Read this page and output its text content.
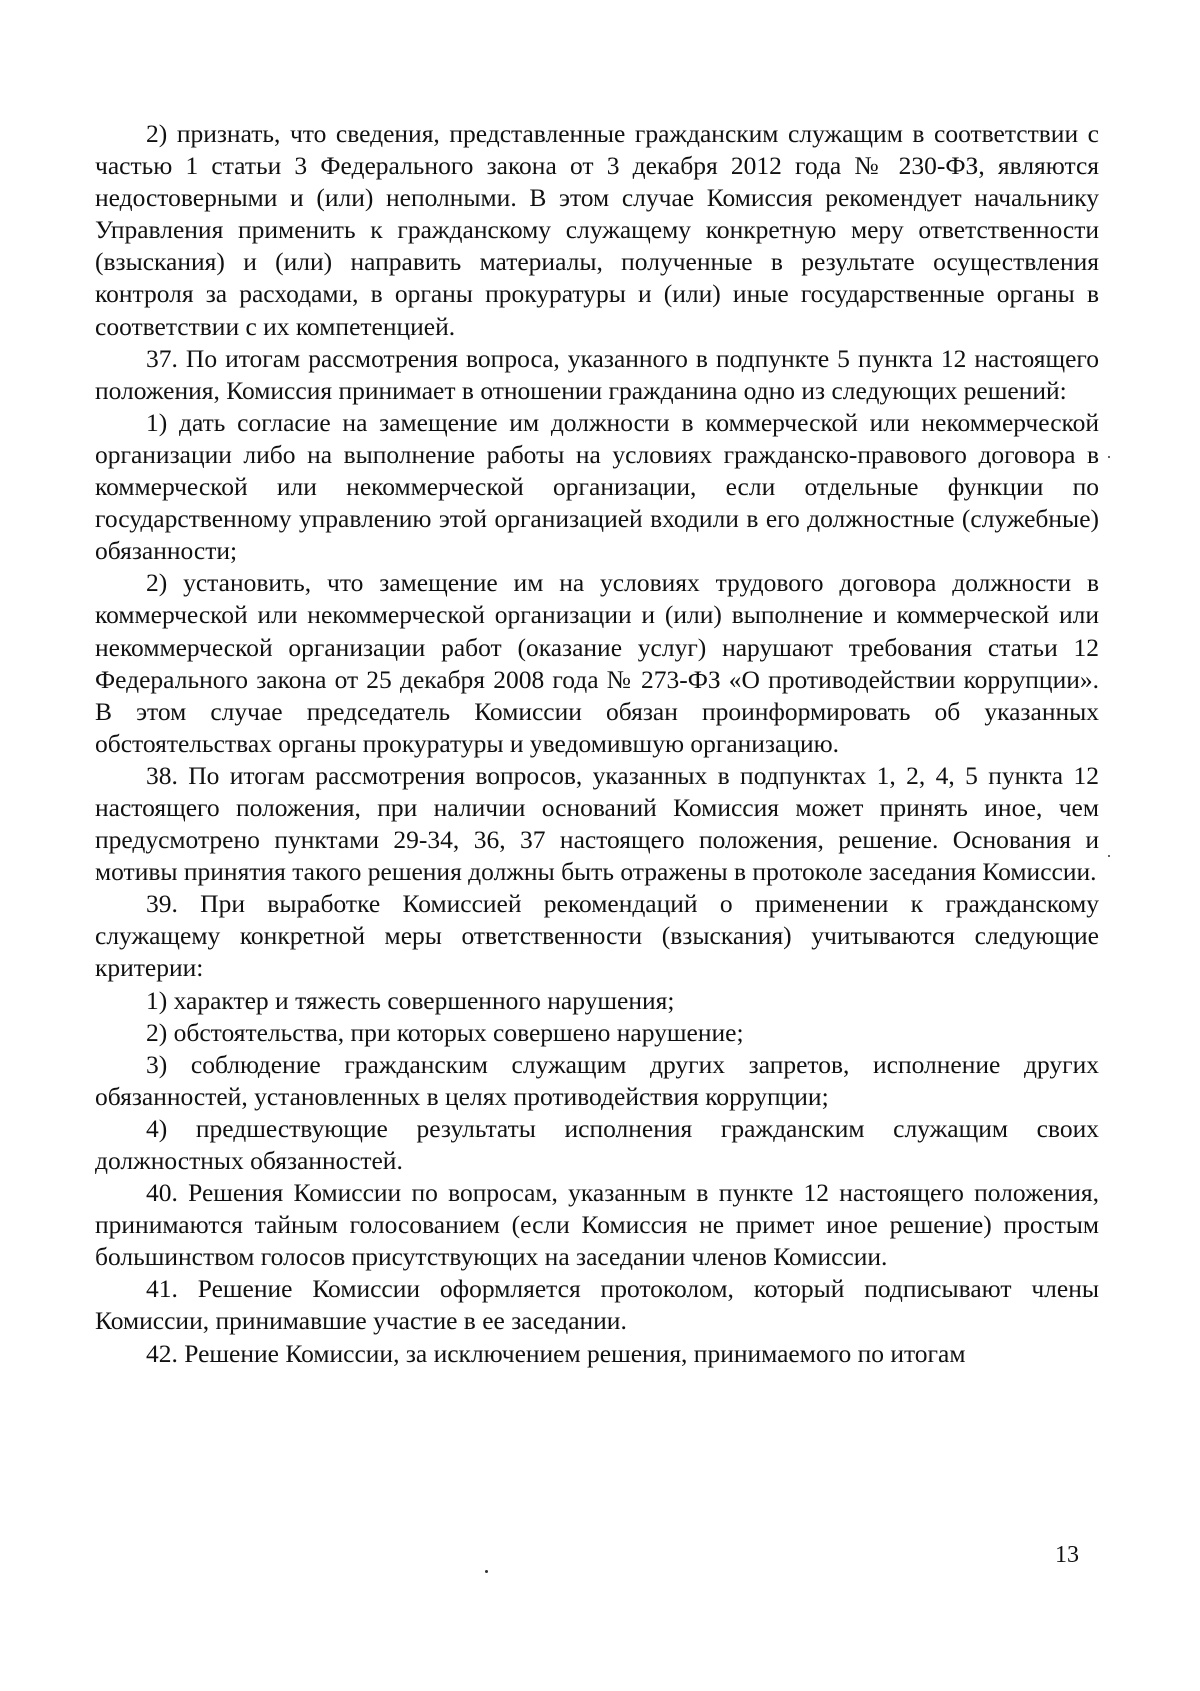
2) признать, что сведения, представленные гражданским служащим в соответствии с частью 1 статьи 3 Федерального закона от 3 декабря 2012 года № 230-ФЗ, являются недостоверными и (или) неполными. В этом случае Комиссия рекомендует начальнику Управления применить к гражданскому служащему конкретную меру ответственности (взыскания) и (или) направить материалы, полученные в результате осуществления контроля за расходами, в органы прокуратуры и (или) иные государственные органы в соответствии с их компетенцией.

37. По итогам рассмотрения вопроса, указанного в подпункте 5 пункта 12 настоящего положения, Комиссия принимает в отношении гражданина одно из следующих решений:

1) дать согласие на замещение им должности в коммерческой или некоммерческой организации либо на выполнение работы на условиях гражданско-правового договора в коммерческой или некоммерческой организации, если отдельные функции по государственному управлению этой организацией входили в его должностные (служебные) обязанности;

2) установить, что замещение им на условиях трудового договора должности в коммерческой или некоммерческой организации и (или) выполнение и коммерческой или некоммерческой организации работ (оказание услуг) нарушают требования статьи 12 Федерального закона от 25 декабря 2008 года № 273-ФЗ «О противодействии коррупции». В этом случае председатель Комиссии обязан проинформировать об указанных обстоятельствах органы прокуратуры и уведомившую организацию.

38. По итогам рассмотрения вопросов, указанных в подпунктах 1, 2, 4, 5 пункта 12 настоящего положения, при наличии оснований Комиссия может принять иное, чем предусмотрено пунктами 29-34, 36, 37 настоящего положения, решение. Основания и мотивы принятия такого решения должны быть отражены в протоколе заседания Комиссии.

39. При выработке Комиссией рекомендаций о применении к гражданскому служащему конкретной меры ответственности (взыскания) учитываются следующие критерии:

1) характер и тяжесть совершенного нарушения;

2) обстоятельства, при которых совершено нарушение;

3) соблюдение гражданским служащим других запретов, исполнение других обязанностей, установленных в целях противодействия коррупции;

4) предшествующие результаты исполнения гражданским служащим своих должностных обязанностей.

40. Решения Комиссии по вопросам, указанным в пункте 12 настоящего положения, принимаются тайным голосованием (если Комиссия не примет иное решение) простым большинством голосов присутствующих на заседании членов Комиссии.

41. Решение Комиссии оформляется протоколом, который подписывают члены Комиссии, принимавшие участие в ее заседании.

42. Решение Комиссии, за исключением решения, принимаемого по итогам

13
